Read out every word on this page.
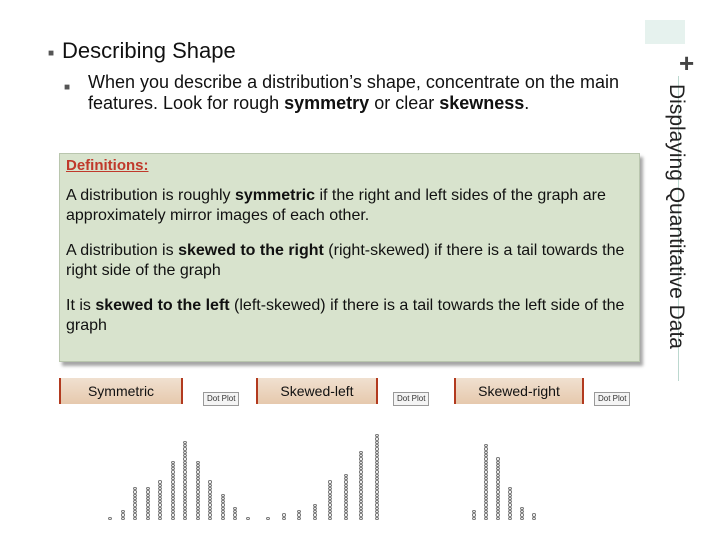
+
Displaying Quantitative Data
■ Describing Shape
■ When you describe a distribution’s shape, concentrate on the main features. Look for rough symmetry or clear skewness.
Definitions:
A distribution is roughly symmetric if the right and left sides of the graph are approximately mirror images of each other.
A distribution is skewed to the right (right-skewed) if there is a tail towards the right side of the graph
It is skewed to the left (left-skewed) if there is a tail towards the left side of the graph
Symmetric	Dot Plot	Skewed-left	Dot Plot	Skewed-right	Dot Plot
